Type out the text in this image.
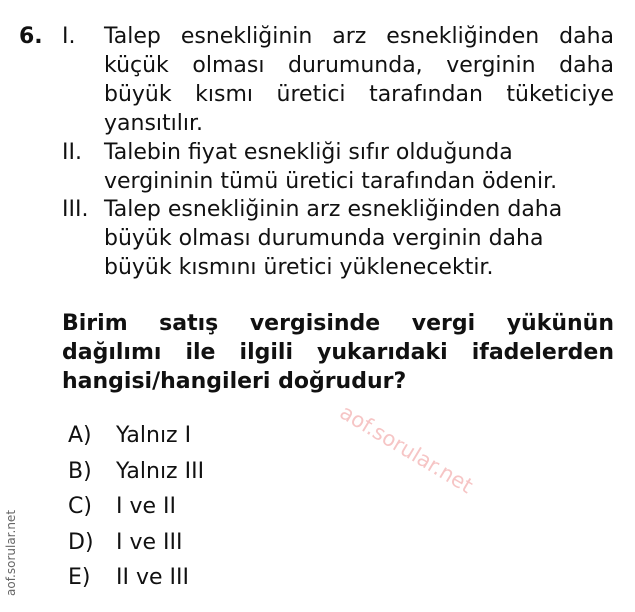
6. I. Talep esnekliğinin arz esnekliğinden daha
küçük olması durumunda, verginin daha
büyük kısmı üretici tarafından tüketiciye
yansıtılır.
II. Talebin fiyat esnekliği sıfır olduğunda
vergininin tümü üretici tarafından ödenir.
III. Talep esnekliğinin arz esnekliğinden daha
büyük olması durumunda verginin daha
büyük kısmını üretici yüklenecektir.
Birim satış vergisinde vergi yükünün
dağılımı ile ilgili yukarıdaki ifadelerden
hangisi/hangileri doğrudur?
aof.sorular.net
A) Yalnız I
B) Yalnız III
C) I ve II
D) I ve III
E) II ve III
aof.sorular.net
